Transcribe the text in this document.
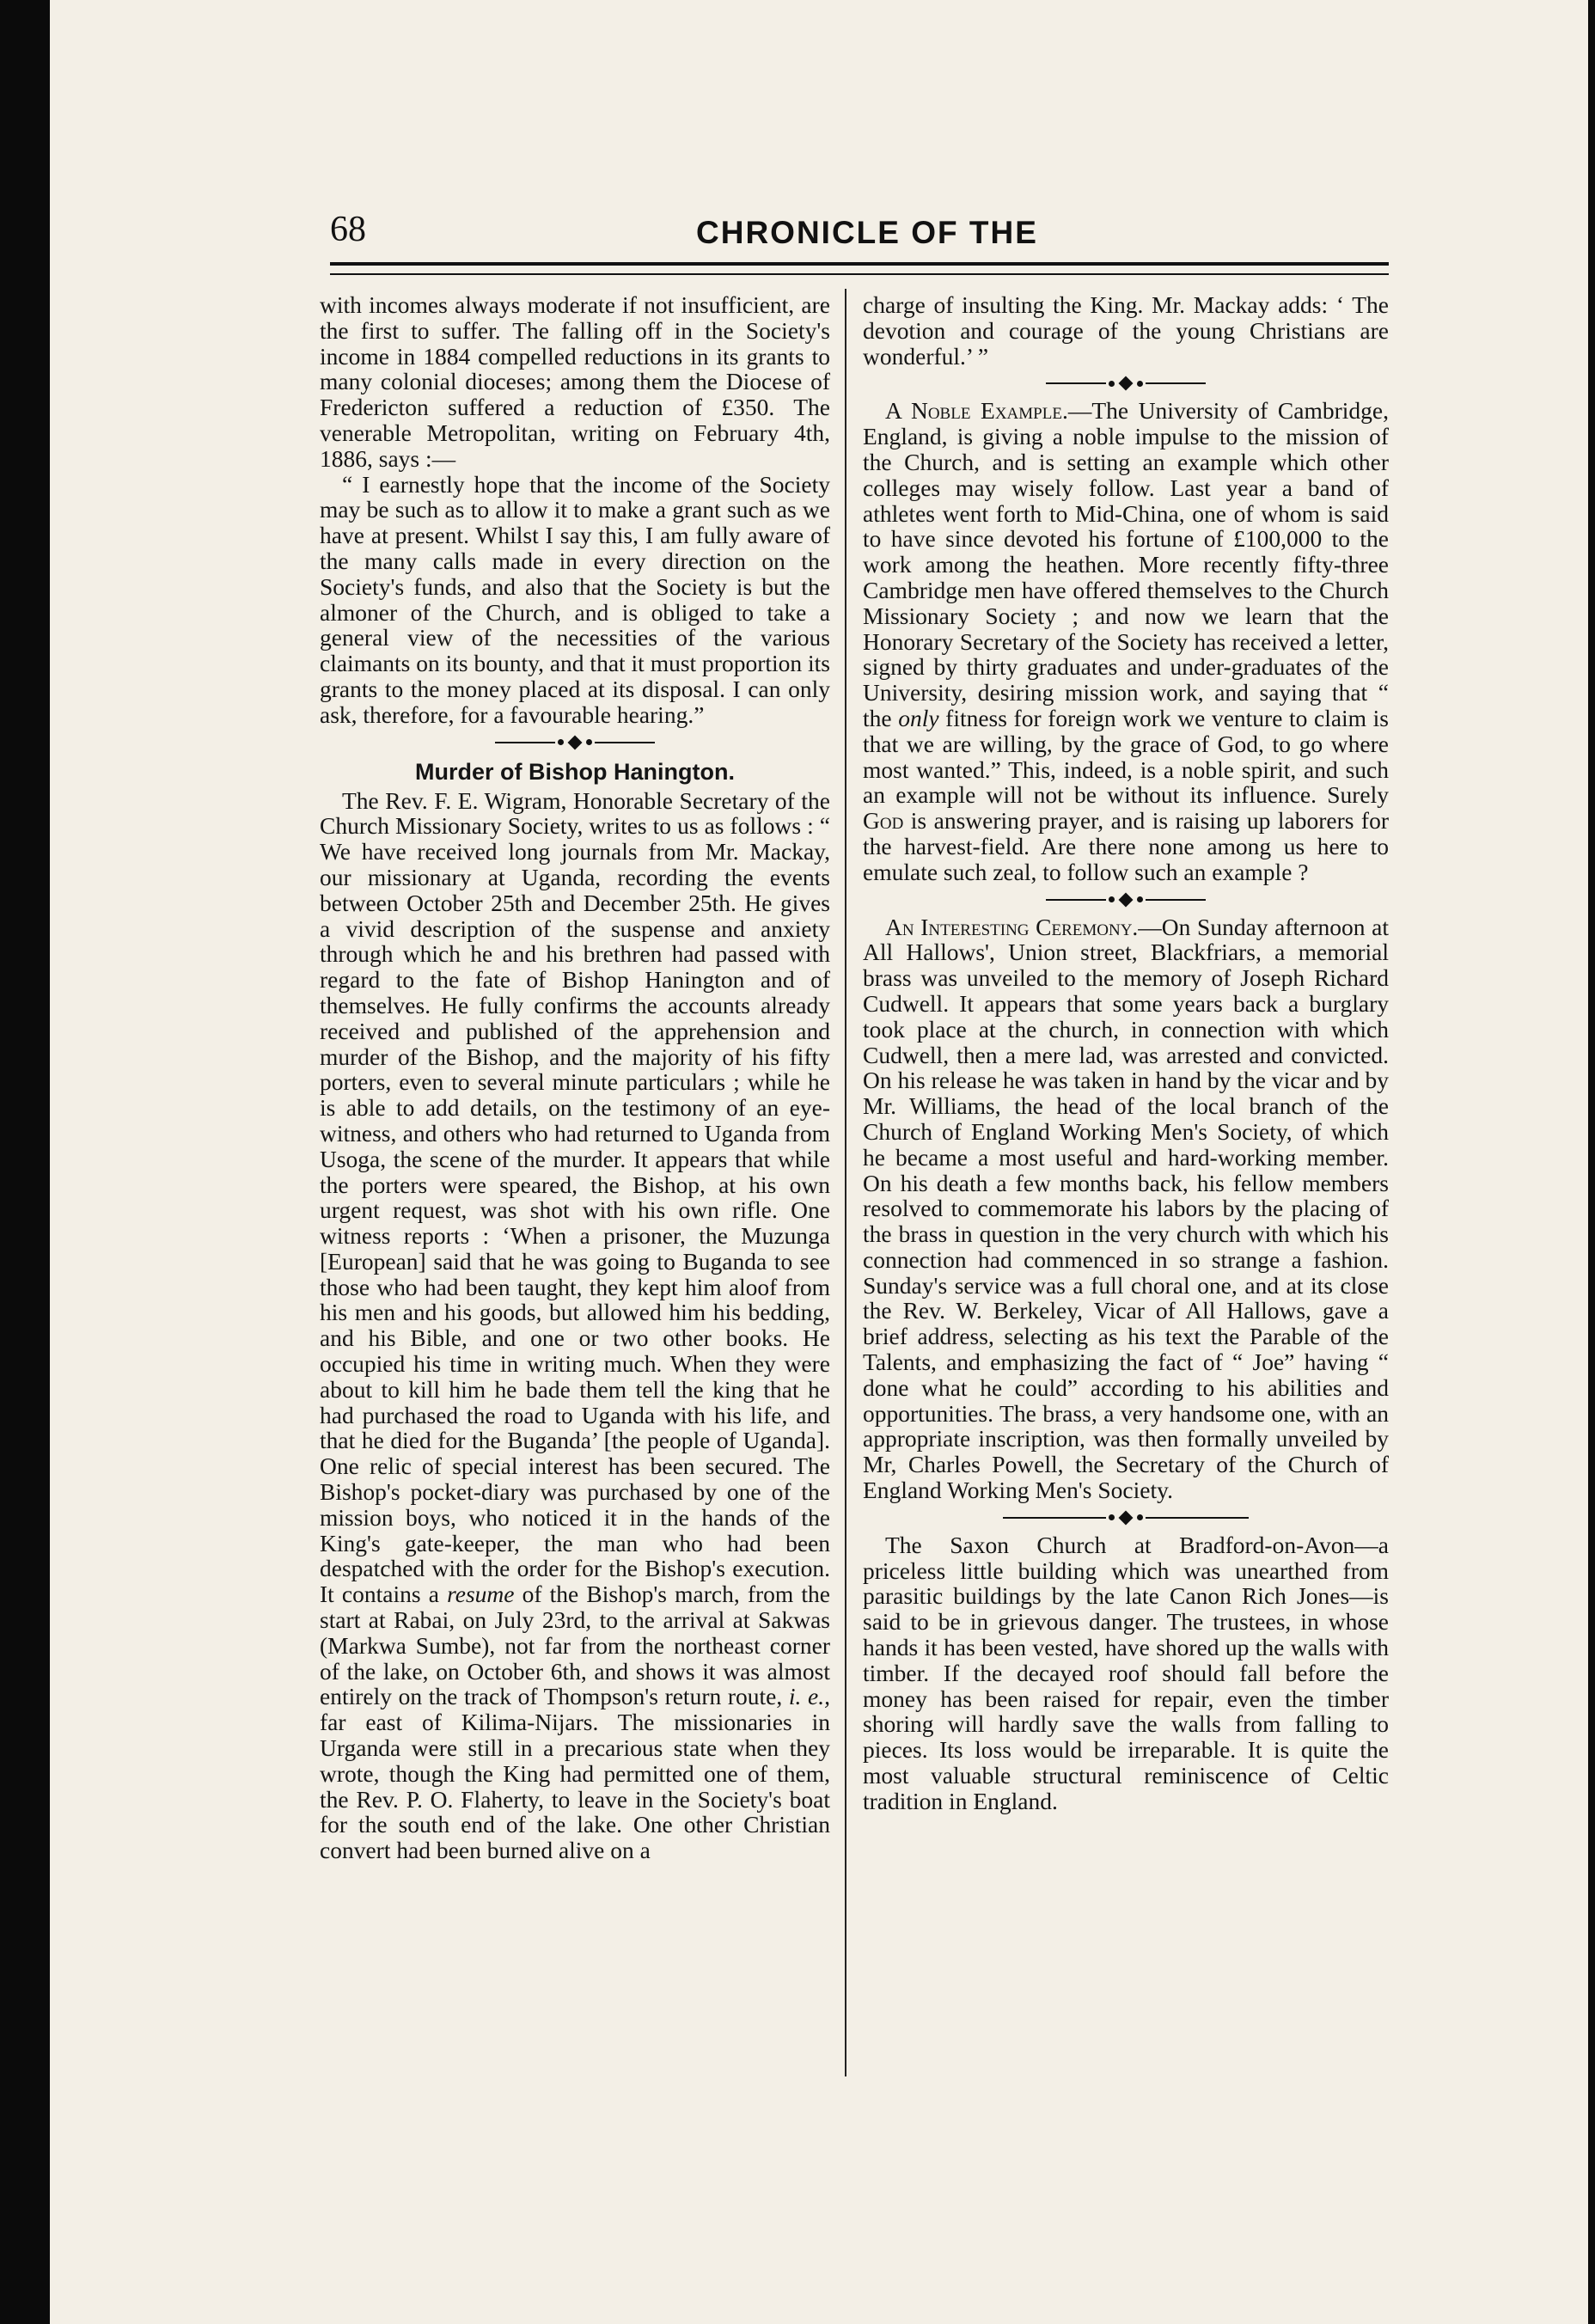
68	CHRONICLE OF THE

with incomes always moderate if not insufficient, are the first to suffer. The falling off in the Society's income in 1884 compelled reductions in its grants to many colonial dioceses; among them the Diocese of Fredericton suffered a reduction of £350. The venerable Metropolitan, writing on February 4th, 1886, says :—

“ I earnestly hope that the income of the Society may be such as to allow it to make a grant such as we have at present. Whilst I say this, I am fully aware of the many calls made in every direction on the Society's funds, and also that the Society is but the almoner of the Church, and is obliged to take a general view of the necessities of the various claimants on its bounty, and that it must proportion its grants to the money placed at its disposal. I can only ask, therefore, for a favourable hearing.”

Murder of Bishop Hanington.

The Rev. F. E. Wigram, Honorable Secretary of the Church Missionary Society, writes to us as follows : “ We have received long journals from Mr. Mackay, our missionary at Uganda, recording the events between October 25th and December 25th. He gives a vivid description of the suspense and anxiety through which he and his brethren had passed with regard to the fate of Bishop Hanington and of themselves. He fully confirms the accounts already received and published of the apprehension and murder of the Bishop, and the majority of his fifty porters, even to several minute particulars ; while he is able to add details, on the testimony of an eye-witness, and others who had returned to Uganda from Usoga, the scene of the murder. It appears that while the porters were speared, the Bishop, at his own urgent request, was shot with his own rifle. One witness reports : ‘When a prisoner, the Muzunga [European] said that he was going to Buganda to see those who had been taught, they kept him aloof from his men and his goods, but allowed him his bedding, and his Bible, and one or two other books. He occupied his time in writing much. When they were about to kill him he bade them tell the king that he had purchased the road to Uganda with his life, and that he died for the Buganda’ [the people of Uganda]. One relic of special interest has been secured. The Bishop's pocket-diary was purchased by one of the mission boys, who noticed it in the hands of the King's gate-keeper, the man who had been despatched with the order for the Bishop's execution. It contains a resume of the Bishop's march, from the start at Rabai, on July 23rd, to the arrival at Sakwas (Markwa Sumbe), not far from the northeast corner of the lake, on October 6th, and shows it was almost entirely on the track of Thompson's return route, i. e., far east of Kilima-Nijars. The missionaries in Urganda were still in a precarious state when they wrote, though the King had permitted one of them, the Rev. P. O. Flaherty, to leave in the Society's boat for the south end of the lake. One other Christian convert had been burned alive on a

charge of insulting the King. Mr. Mackay adds: ‘ The devotion and courage of the young Christians are wonderful.’ ”

A Noble Example.—The University of Cambridge, England, is giving a noble impulse to the mission of the Church, and is setting an example which other colleges may wisely follow. Last year a band of athletes went forth to Mid-China, one of whom is said to have since devoted his fortune of £100,000 to the work among the heathen. More recently fifty-three Cambridge men have offered themselves to the Church Missionary Society ; and now we learn that the Honorary Secretary of the Society has received a letter, signed by thirty graduates and under-graduates of the University, desiring mission work, and saying that “ the only fitness for foreign work we venture to claim is that we are willing, by the grace of God, to go where most wanted.” This, indeed, is a noble spirit, and such an example will not be without its influence. Surely God is answering prayer, and is raising up laborers for the harvest-field. Are there none among us here to emulate such zeal, to follow such an example ?

An Interesting Ceremony.—On Sunday afternoon at All Hallows', Union street, Blackfriars, a memorial brass was unveiled to the memory of Joseph Richard Cudwell. It appears that some years back a burglary took place at the church, in connection with which Cudwell, then a mere lad, was arrested and convicted. On his release he was taken in hand by the vicar and by Mr. Williams, the head of the local branch of the Church of England Working Men's Society, of which he became a most useful and hard-working member. On his death a few months back, his fellow members resolved to commemorate his labors by the placing of the brass in question in the very church with which his connection had commenced in so strange a fashion. Sunday's service was a full choral one, and at its close the Rev. W. Berkeley, Vicar of All Hallows, gave a brief address, selecting as his text the Parable of the Talents, and emphasizing the fact of “ Joe” having “ done what he could” according to his abilities and opportunities. The brass, a very handsome one, with an appropriate inscription, was then formally unveiled by Mr, Charles Powell, the Secretary of the Church of England Working Men's Society.

The Saxon Church at Bradford-on-Avon—a priceless little building which was unearthed from parasitic buildings by the late Canon Rich Jones—is said to be in grievous danger. The trustees, in whose hands it has been vested, have shored up the walls with timber. If the decayed roof should fall before the money has been raised for repair, even the timber shoring will hardly save the walls from falling to pieces. Its loss would be irreparable. It is quite the most valuable structural reminiscence of Celtic tradition in England.
